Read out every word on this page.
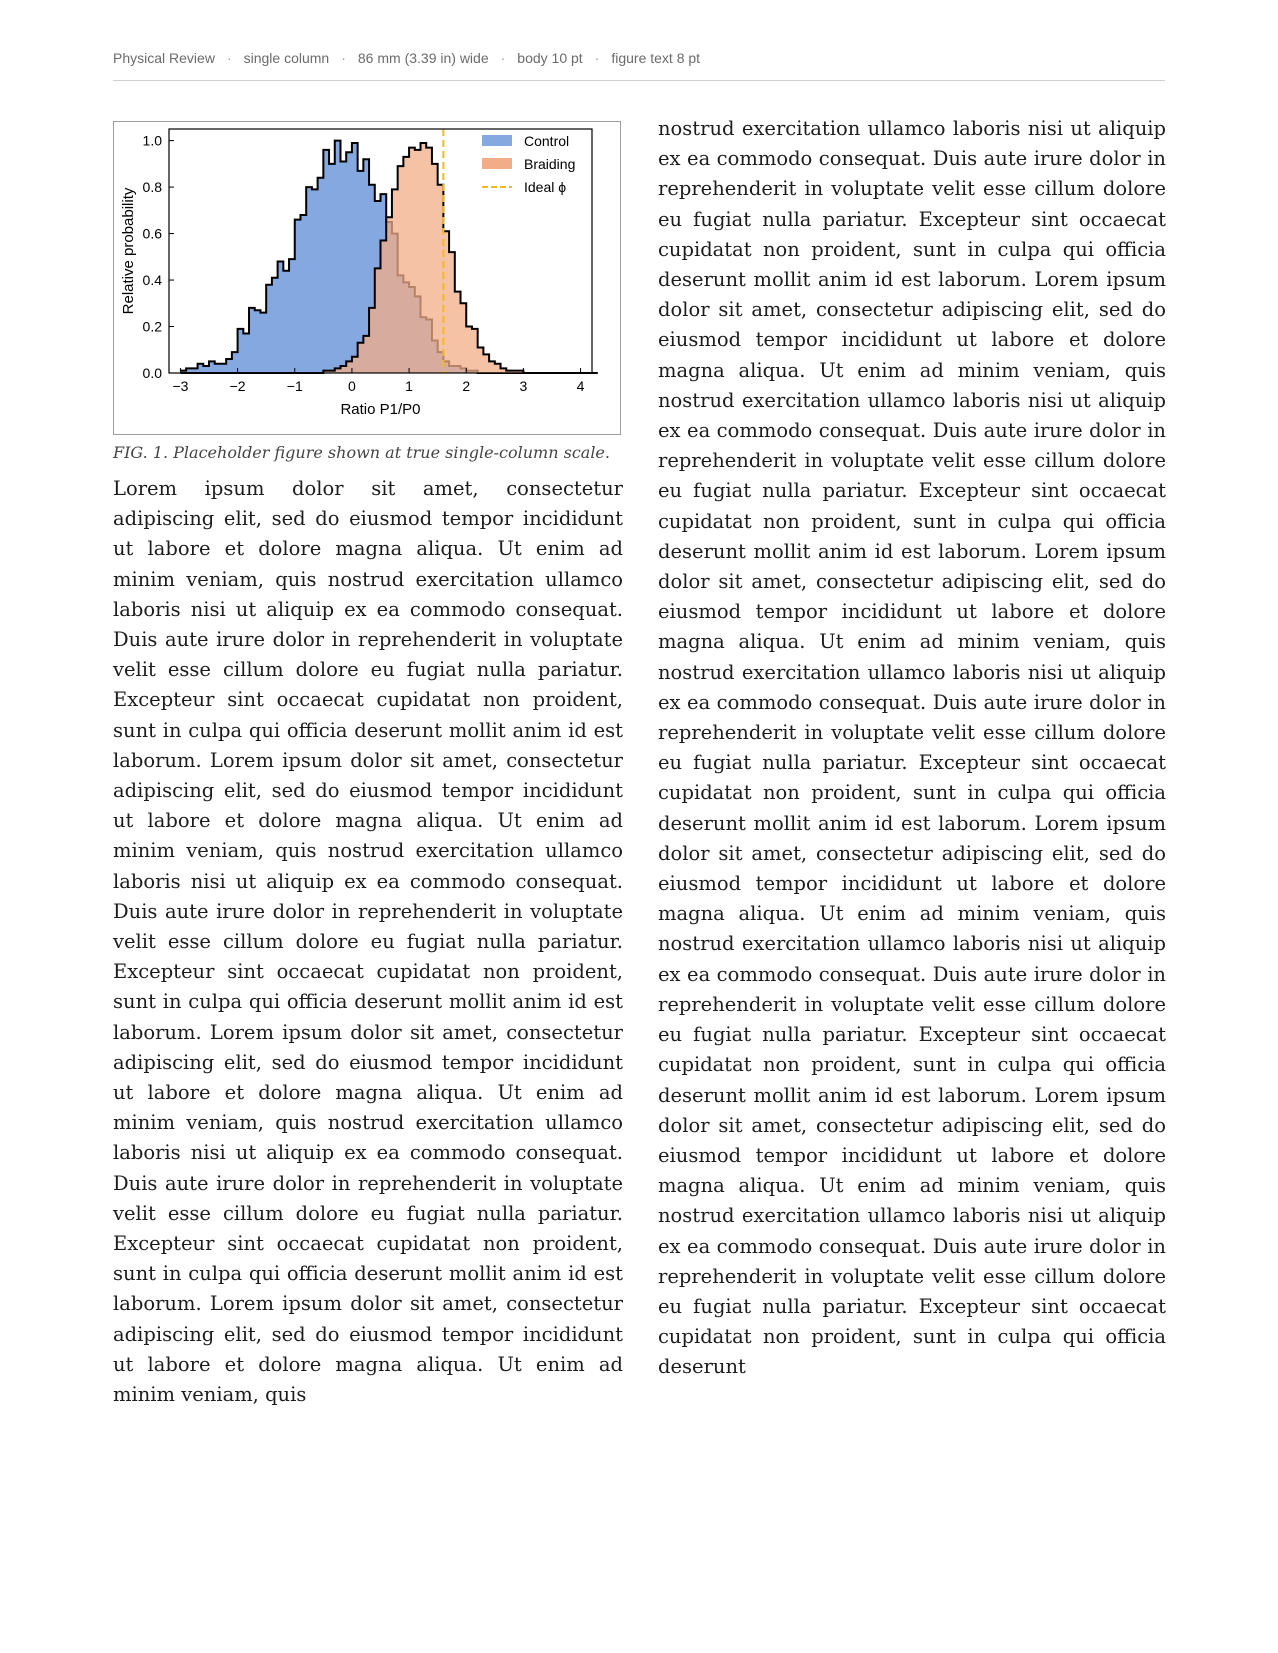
Physical Review · single column · 86 mm (3.39 in) wide · body 10 pt · figure text 8 pt
−3	−2	−1	0	1	2	3	4
0.0
0.2
0.4
0.6
0.8
1.0
Ratio P1/P0
Relative probability
Control
Braiding
Ideal ϕ
FIG. 1. Placeholder figure shown at true single-column scale.

Lorem ipsum dolor sit amet, consectetur adipiscing elit, sed do eiusmod tempor incididunt ut labore et dolore magna aliqua. Ut enim ad minim veniam, quis nostrud exercitation ullamco laboris nisi ut aliquip ex ea commodo consequat. Duis aute irure dolor in reprehenderit in voluptate velit esse cillum dolore eu fugiat nulla pariatur. Excepteur sint occaecat cupidatat non proident, sunt in culpa qui officia deserunt mollit anim id est laborum. Lorem ipsum dolor sit amet, consectetur adipiscing elit, sed do eiusmod tempor incididunt ut labore et dolore magna aliqua. Ut enim ad minim veniam, quis nostrud exercitation ullamco laboris nisi ut aliquip ex ea commodo consequat. Duis aute irure dolor in reprehenderit in voluptate velit esse cillum dolore eu fugiat nulla pariatur. Excepteur sint occaecat cupidatat non proident, sunt in culpa qui officia deserunt mollit anim id est laborum. Lorem ipsum dolor sit amet, consectetur adipiscing elit, sed do eiusmod tempor incididunt ut labore et dolore magna aliqua. Ut enim ad minim veniam, quis nostrud exercitation ullamco laboris nisi ut aliquip ex ea commodo consequat. Duis aute irure dolor in reprehenderit in voluptate velit esse cillum dolore eu fugiat nulla pariatur. Excepteur sint occaecat cupidatat non proident, sunt in culpa qui officia deserunt mollit anim id est laborum. Lorem ipsum dolor sit amet, consectetur adipiscing elit, sed do eiusmod tempor incididunt ut labore et dolore magna aliqua. Ut enim ad minim veniam, quis

nostrud exercitation ullamco laboris nisi ut aliquip ex ea commodo consequat. Duis aute irure dolor in reprehenderit in voluptate velit esse cillum dolore eu fugiat nulla pariatur. Excepteur sint occaecat cupidatat non proident, sunt in culpa qui officia deserunt mollit anim id est laborum. Lorem ipsum dolor sit amet, consectetur adipiscing elit, sed do eiusmod tempor incididunt ut labore et dolore magna aliqua. Ut enim ad minim veniam, quis nostrud exercitation ullamco laboris nisi ut aliquip ex ea commodo consequat. Duis aute irure dolor in reprehenderit in voluptate velit esse cillum dolore eu fugiat nulla pariatur. Excepteur sint occaecat cupidatat non proident, sunt in culpa qui officia deserunt mollit anim id est laborum. Lorem ipsum dolor sit amet, consectetur adipiscing elit, sed do eiusmod tempor incididunt ut labore et dolore magna aliqua. Ut enim ad minim veniam, quis nostrud exercitation ullamco laboris nisi ut aliquip ex ea commodo consequat. Duis aute irure dolor in reprehenderit in voluptate velit esse cillum dolore eu fugiat nulla pariatur. Excepteur sint occaecat cupidatat non proident, sunt in culpa qui officia deserunt mollit anim id est laborum. Lorem ipsum dolor sit amet, consectetur adipiscing elit, sed do eiusmod tempor incididunt ut labore et dolore magna aliqua. Ut enim ad minim veniam, quis nostrud exercitation ullamco laboris nisi ut aliquip ex ea commodo consequat. Duis aute irure dolor in reprehenderit in voluptate velit esse cillum dolore eu fugiat nulla pariatur. Excepteur sint occaecat cupidatat non proident, sunt in culpa qui officia deserunt mollit anim id est laborum. Lorem ipsum dolor sit amet, consectetur adipiscing elit, sed do eiusmod tempor incididunt ut labore et dolore magna aliqua. Ut enim ad minim veniam, quis nostrud exercitation ullamco laboris nisi ut aliquip ex ea commodo consequat. Duis aute irure dolor in reprehenderit in voluptate velit esse cillum dolore eu fugiat nulla pariatur. Excepteur sint occaecat cupidatat non proident, sunt in culpa qui officia deserunt
